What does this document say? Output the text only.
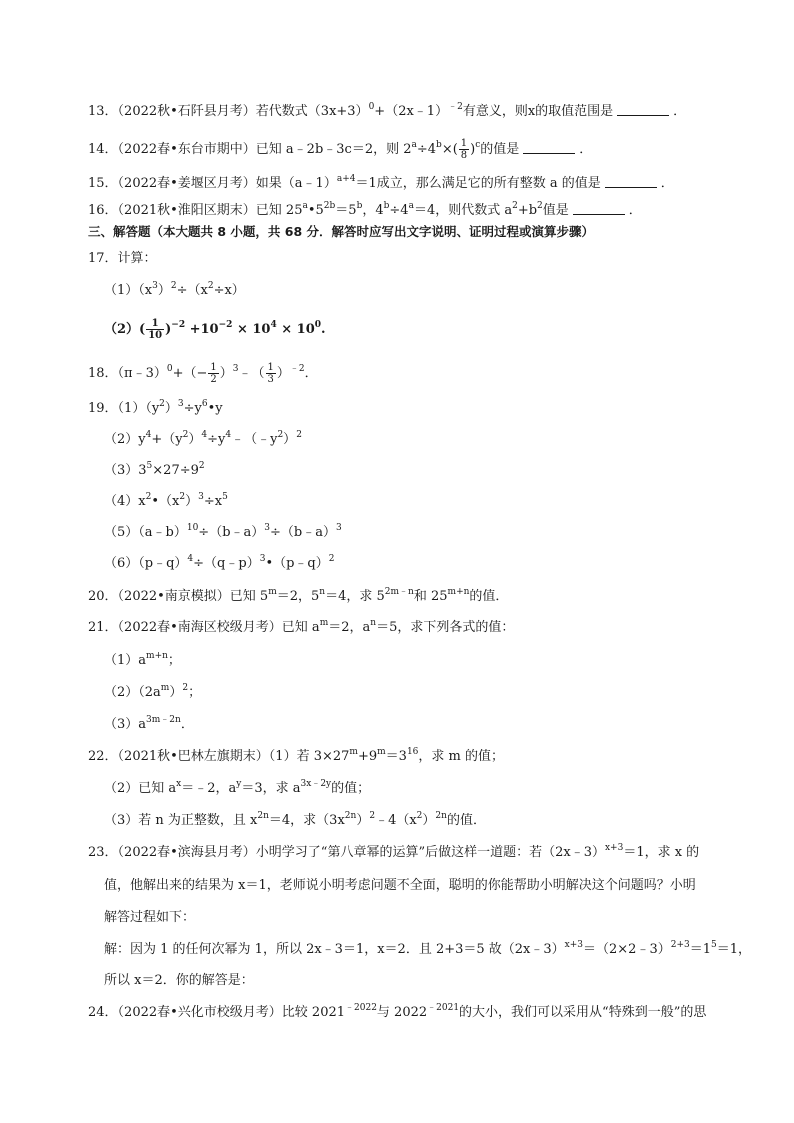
13．（2022秋•石阡县月考）若代数式$(3x+3)^0+(2x﹣1)^{﹣2}$有意义，则x的取值范围是	．
14．（2022春•东台市期中）已知 a﹣2b﹣3c＝2，则 $2^a\div 4^b\times( \frac{1}{8} )^c$的值是	．
15．（2022春•姜堰区月考）如果（a﹣1）$^{a+4}$＝1成立，那么满足它的所有整数 a 的值是	．
16．（2021秋•淮阳区期末）已知 $25^a•5^{2b}=5^b$，$4^b\div 4^a=4$，则代数式 $a^2+b^2$值是	．
三、解答题（本大题共 8 小题，共 68 分．解答时应写出文字说明、证明过程或演算步骤）
17．计算：
$(1)(x^3)^2\div(x^2\div x)$
$(2)( \frac{1}{10} )^{-2} +10^{-2} \times 10^4 \times 10^0$.
18．（π﹣3）$^0$+（− $\frac{1}{2}$ ）$^3$﹣（ $\frac{1}{3} )^{﹣2}$．
19．$(1)(y^2)^3\div y^6•y$
$(2)y^4+(y^2)^4\div y^4﹣(﹣y^2)^2$
$(3)3^5\times 27\div 9^2$
$(4)x^2•(x^2)^3\div x^5$
（5）（a﹣b）$^{10}$÷（b﹣a）$^3$÷（b﹣a）$^3$
（6）（p﹣q）$^4$÷（q﹣p）$^3$•（p﹣q）$^2$
20．（2022•南京模拟）已知 $5^m=2$，$5^n=4$，求 $5^{2m﹣n}$和 $25^{m+n}$的值．
21．（2022春•南海区校级月考）已知 $a^m=2$，$a^n=5$，求下列各式的值：
$(1)a^{m+n}$；
$(2)(2a^m)^2$；
$(3)a^{3m﹣2n}$．
22．（2021秋•巴林左旗期末）（1）若 $3\times 27^m+9^m=3^{16}$，求 m 的值；
（2）已知 $a^x=﹣2$，$a^y=3$，求 $a^{3x﹣2y}$的值；
（3）若 n 为正整数，且 $x^{2n}=4$，求$(3x^{2n})^2﹣4(x^2)^{2n}$的值．
23．（2022春•滨海县月考）小明学习了“第八章幂的运算”后做这样一道题：若（2x﹣3）$^{x+3}$＝1，求 x 的
值，他解出来的结果为 x＝1，老师说小明考虑问题不全面，聪明的你能帮助小明解决这个问题吗？小明
解答过程如下：
解：因为 1 的任何次幂为 1，所以 2x﹣3＝1，x＝2．且 2+3＝5 故$(2x﹣3)^{x+3}=(2\times 2﹣3)^{2+3}=1^5=1$，
所以 x＝2．你的解答是：
24．（2022春•兴化市校级月考）比较 $2021^{﹣2022}$与 $2022^{﹣2021}$的大小，我们可以采用从“特殊到一般”的思
